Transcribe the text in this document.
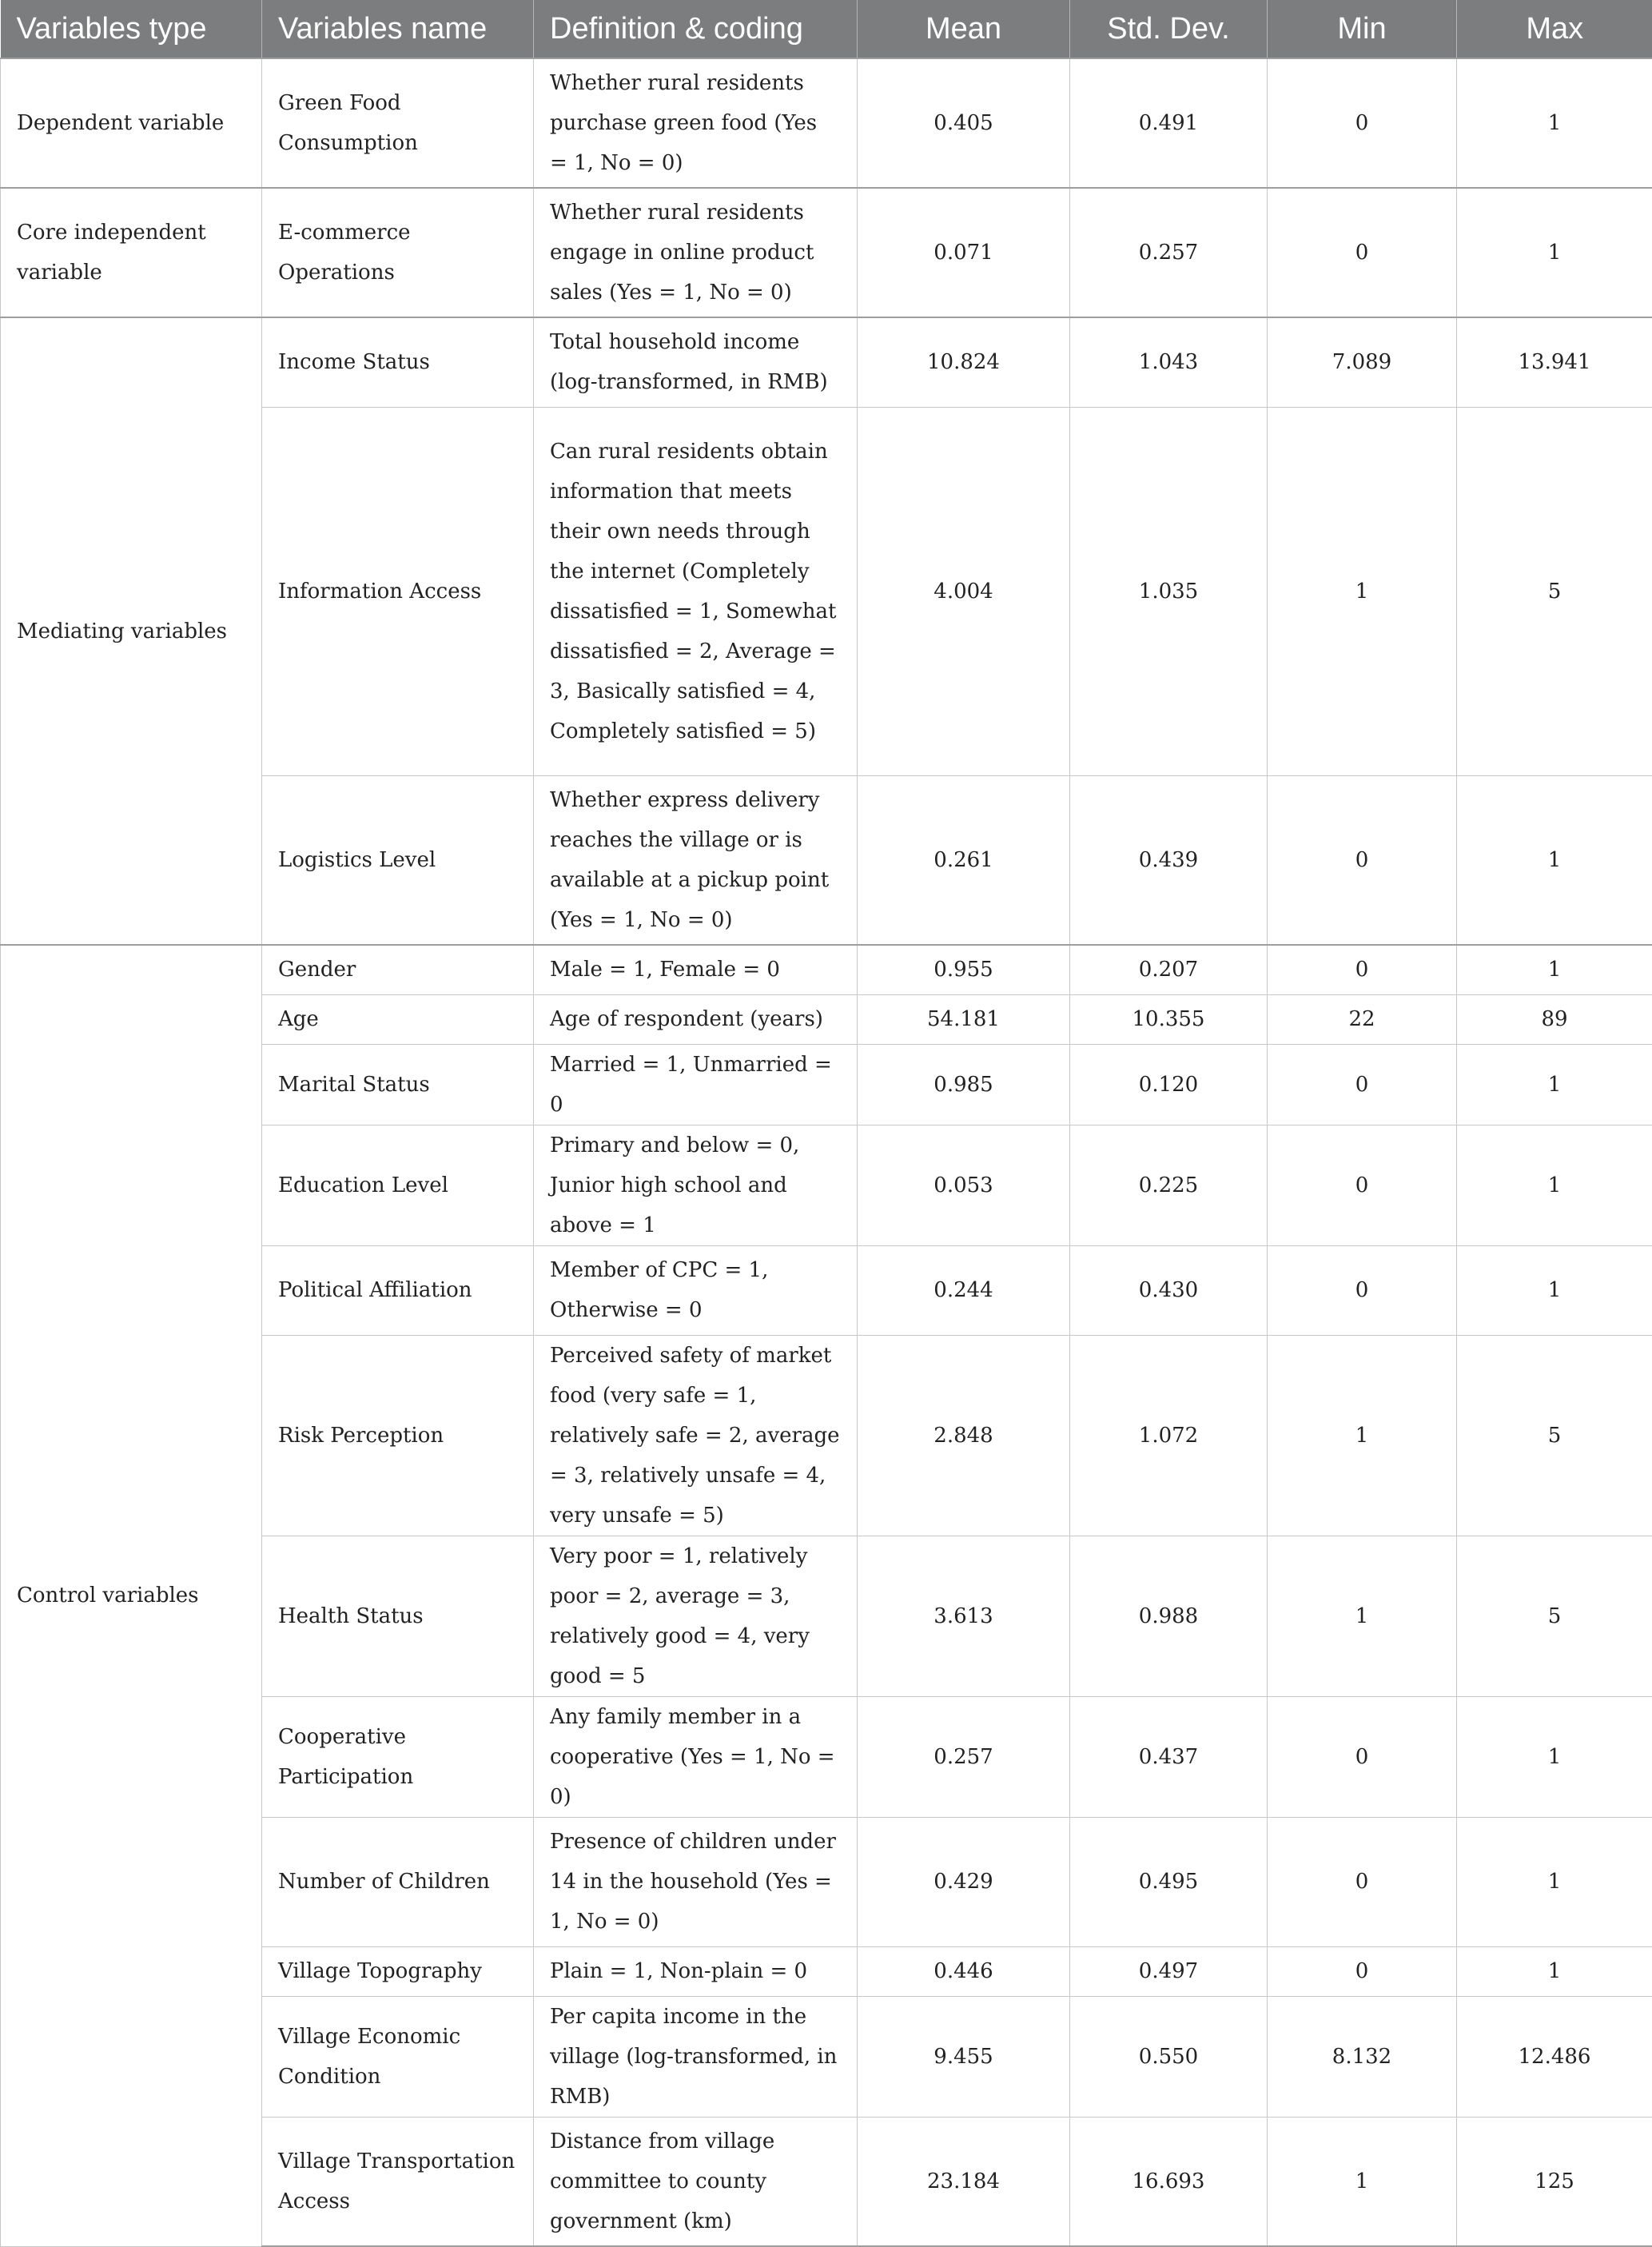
Variables type	Variables name	Definition & coding	Mean	Std. Dev.	Min	Max
Dependent variable	Green Food Consumption	Whether rural residents purchase green food (Yes = 1, No = 0)	0.405	0.491	0	1
Core independent variable	E-commerce Operations	Whether rural residents engage in online product sales (Yes = 1, No = 0)	0.071	0.257	0	1
Mediating variables	Income Status	Total household income (log-transformed, in RMB)	10.824	1.043	7.089	13.941
	Information Access	Can rural residents obtain information that meets their own needs through the internet (Completely dissatisfied = 1, Somewhat dissatisfied = 2, Average = 3, Basically satisfied = 4, Completely satisfied = 5)	4.004	1.035	1	5
	Logistics Level	Whether express delivery reaches the village or is available at a pickup point (Yes = 1, No = 0)	0.261	0.439	0	1
Control variables	Gender	Male = 1, Female = 0	0.955	0.207	0	1
	Age	Age of respondent (years)	54.181	10.355	22	89
	Marital Status	Married = 1, Unmarried = 0	0.985	0.120	0	1
	Education Level	Primary and below = 0, Junior high school and above = 1	0.053	0.225	0	1
	Political Affiliation	Member of CPC = 1, Otherwise = 0	0.244	0.430	0	1
	Risk Perception	Perceived safety of market food (very safe = 1, relatively safe = 2, average = 3, relatively unsafe = 4, very unsafe = 5)	2.848	1.072	1	5
	Health Status	Very poor = 1, relatively poor = 2, average = 3, relatively good = 4, very good = 5	3.613	0.988	1	5
	Cooperative Participation	Any family member in a cooperative (Yes = 1, No = 0)	0.257	0.437	0	1
	Number of Children	Presence of children under 14 in the household (Yes = 1, No = 0)	0.429	0.495	0	1
	Village Topography	Plain = 1, Non-plain = 0	0.446	0.497	0	1
	Village Economic Condition	Per capita income in the village (log-transformed, in RMB)	9.455	0.550	8.132	12.486
	Village Transportation Access	Distance from village committee to county government (km)	23.184	16.693	1	125
